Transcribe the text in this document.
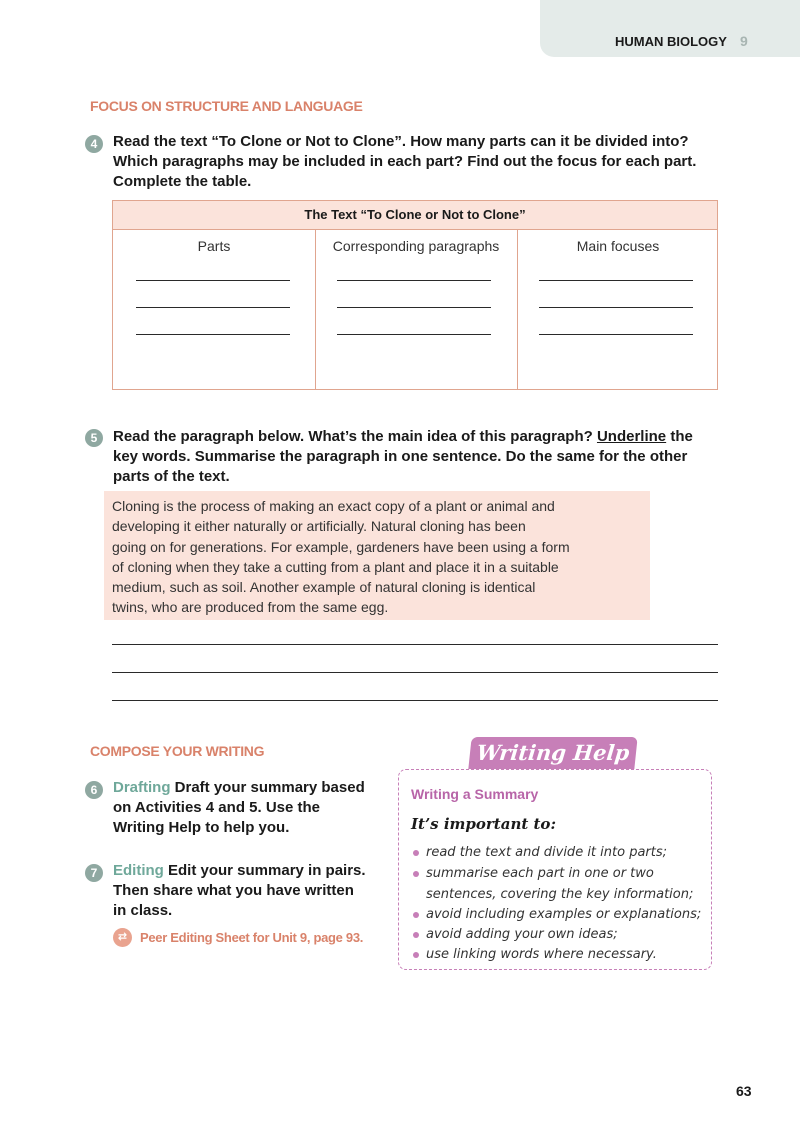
HUMAN BIOLOGY 9
FOCUS ON STRUCTURE AND LANGUAGE
4	Read the text “To Clone or Not to Clone”. How many parts can it be divided into?
Which paragraphs may be included in each part? Find out the focus for each part.
Complete the table.
The Text “To Clone or Not to Clone”
Parts	Corresponding paragraphs	Main focuses
5	Read the paragraph below. What’s the main idea of this paragraph? Underline the
key words. Summarise the paragraph in one sentence. Do the same for the other
parts of the text.
Cloning is the process of making an exact copy of a plant or animal and
developing it either naturally or artificially. Natural cloning has been
going on for generations. For example, gardeners have been using a form
of cloning when they take a cutting from a plant and place it in a suitable
medium, such as soil. Another example of natural cloning is identical
twins, who are produced from the same egg.
COMPOSE YOUR WRITING
6	Drafting Draft your summary based
on Activities 4 and 5. Use the
Writing Help to help you.
7	Editing Edit your summary in pairs.
Then share what you have written
in class.
⇄ Peer Editing Sheet for Unit 9, page 93.
Writing Help
Writing a Summary
It’s important to:
read the text and divide it into parts;
summarise each part in one or two
sentences, covering the key information;
avoid including examples or explanations;
avoid adding your own ideas;
use linking words where necessary.
63
